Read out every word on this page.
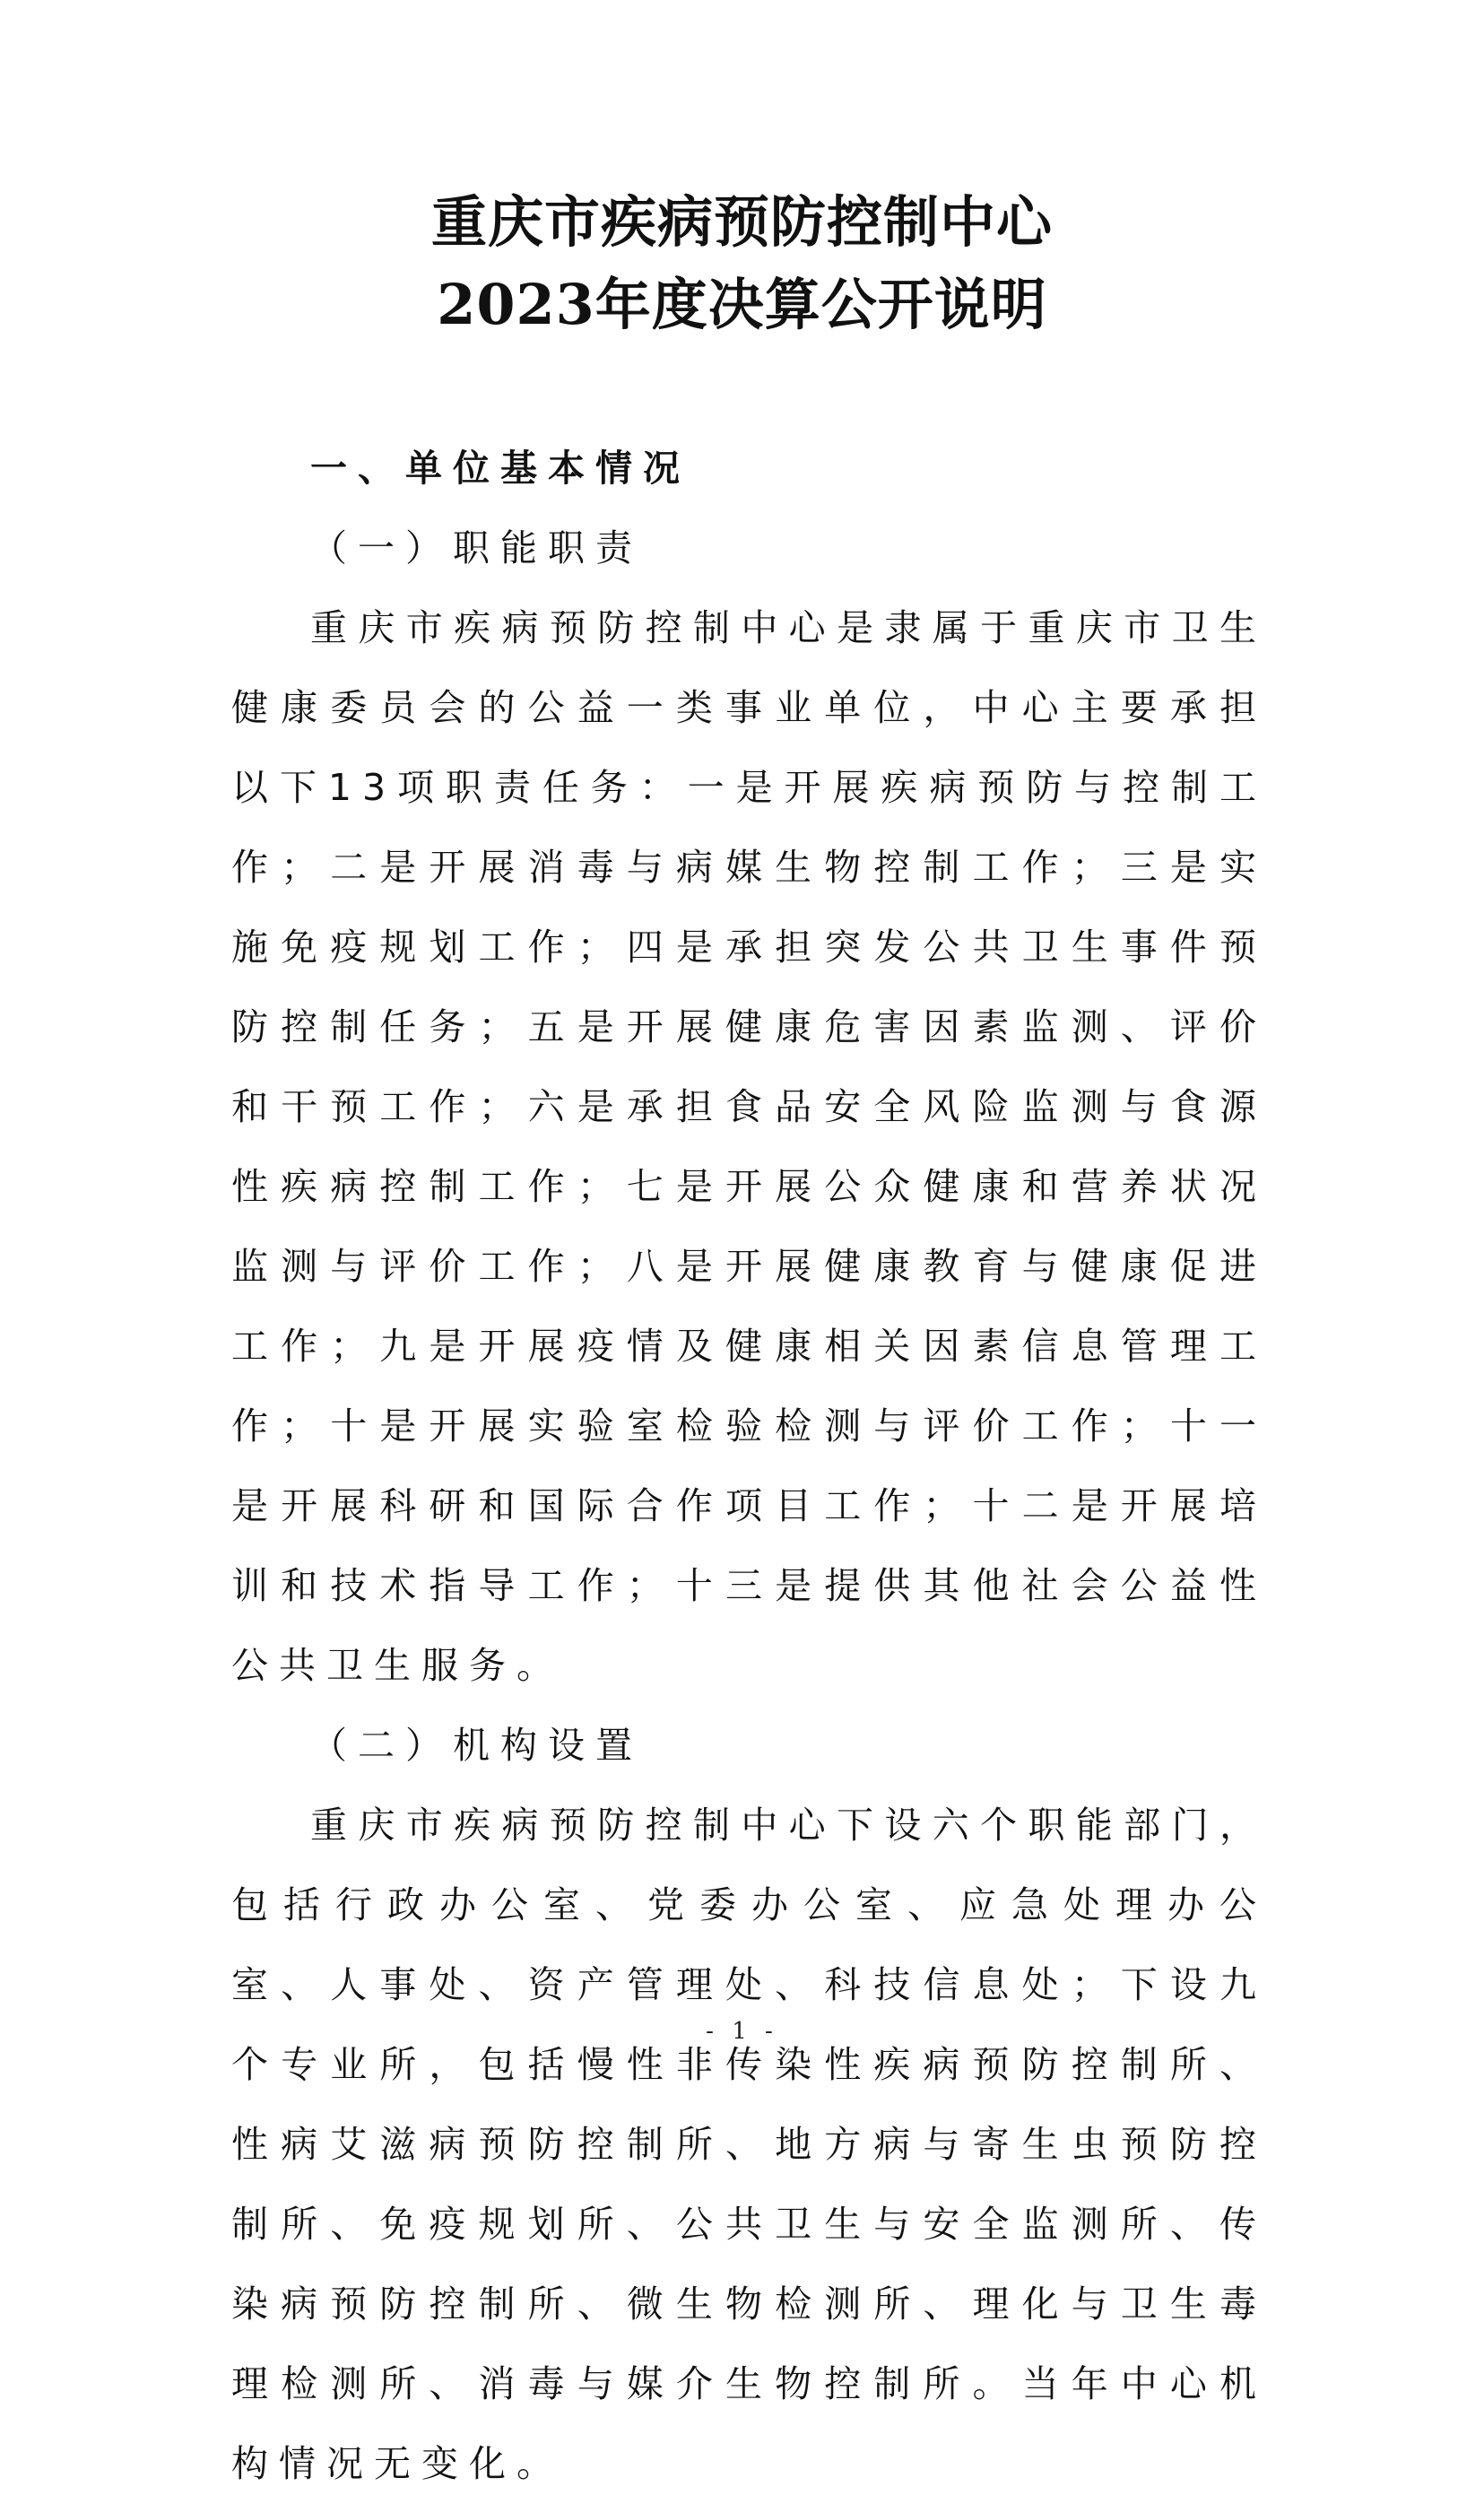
重庆市疾病预防控制中心
2023年度决算公开说明

一、单位基本情况

（一）职能职责

重庆市疾病预防控制中心是隶属于重庆市卫生健康委员会的公益一类事业单位，中心主要承担以下13项职责任务：一是开展疾病预防与控制工作；二是开展消毒与病媒生物控制工作；三是实施免疫规划工作；四是承担突发公共卫生事件预防控制任务；五是开展健康危害因素监测、评价和干预工作；六是承担食品安全风险监测与食源性疾病控制工作；七是开展公众健康和营养状况监测与评价工作；八是开展健康教育与健康促进工作；九是开展疫情及健康相关因素信息管理工作；十是开展实验室检验检测与评价工作；十一是开展科研和国际合作项目工作；十二是开展培训和技术指导工作；十三是提供其他社会公益性公共卫生服务。

（二）机构设置

重庆市疾病预防控制中心下设六个职能部门，包括行政办公室、党委办公室、应急处理办公室、人事处、资产管理处、科技信息处；下设九个专业所，包括慢性非传染性疾病预防控制所、性病艾滋病预防控制所、地方病与寄生虫预防控制所、免疫规划所、公共卫生与安全监测所、传染病预防控制所、微生物检测所、理化与卫生毒理检测所、消毒与媒介生物控制所。当年中心机构情况无变化。

- 1 -
